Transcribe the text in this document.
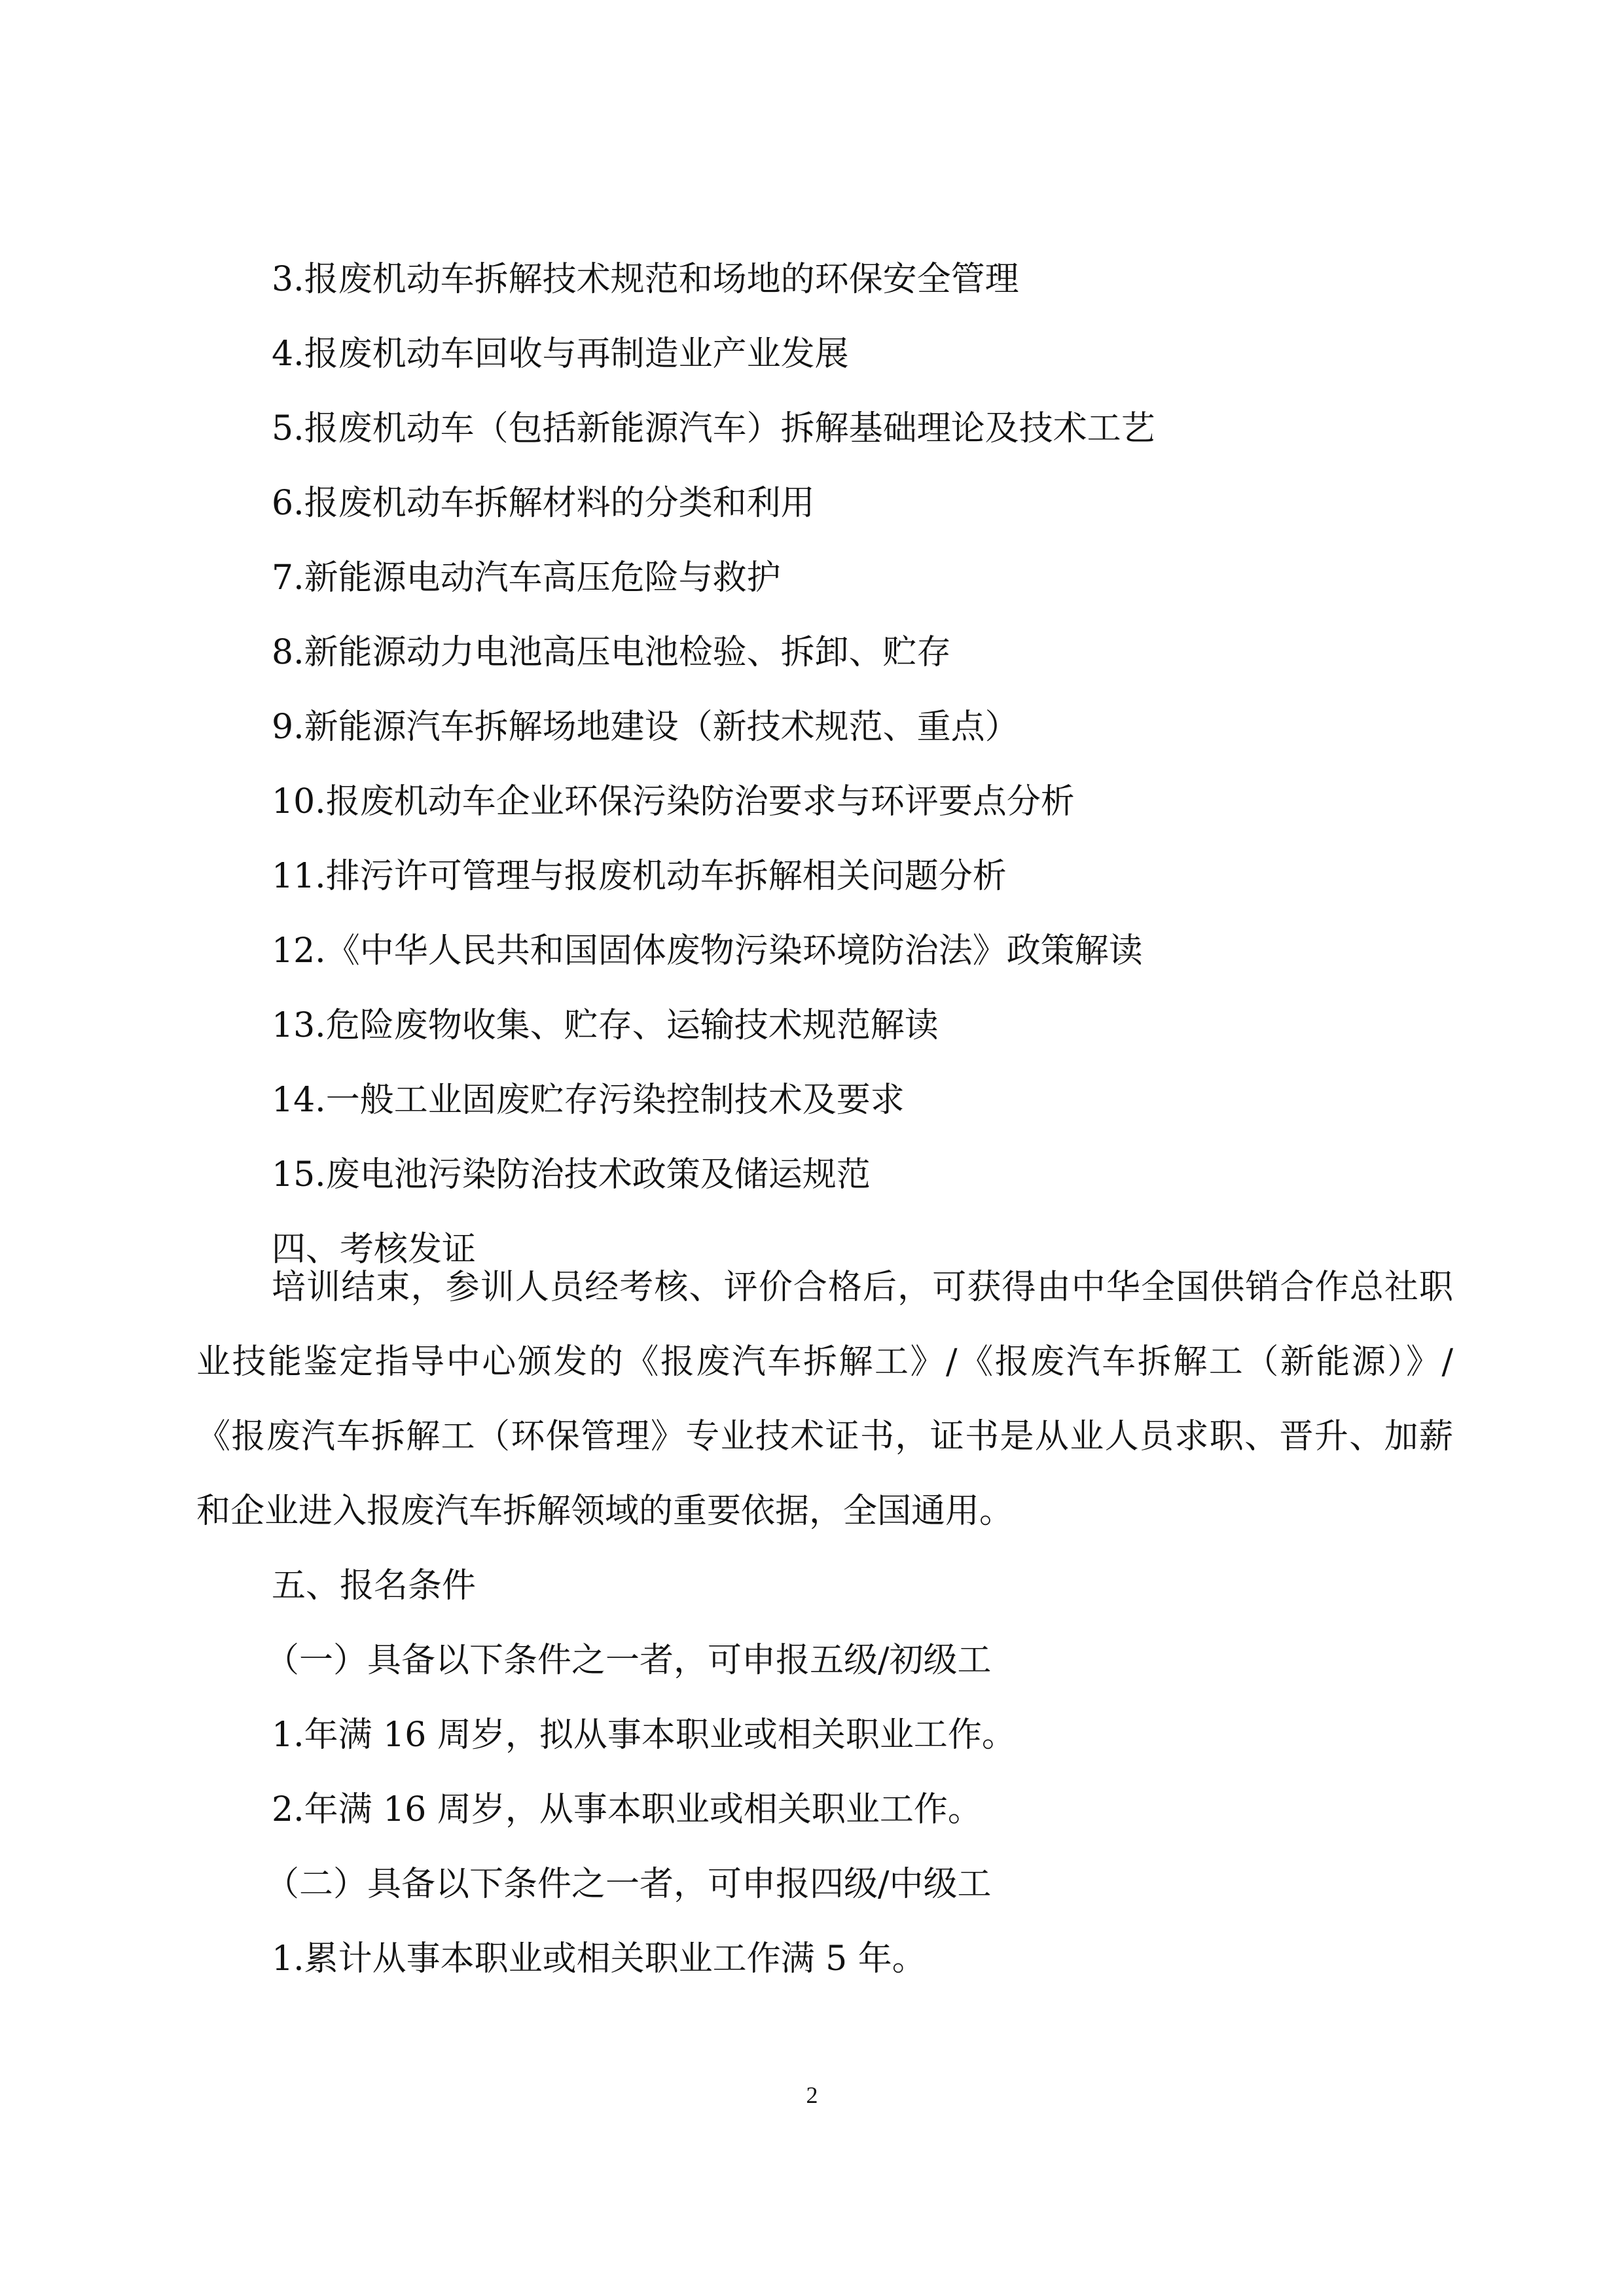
3.报废机动车拆解技术规范和场地的环保安全管理
4.报废机动车回收与再制造业产业发展
5.报废机动车（包括新能源汽车）拆解基础理论及技术工艺
6.报废机动车拆解材料的分类和利用
7.新能源电动汽车高压危险与救护
8.新能源动力电池高压电池检验、拆卸、贮存
9.新能源汽车拆解场地建设（新技术规范、重点）
10.报废机动车企业环保污染防治要求与环评要点分析
11.排污许可管理与报废机动车拆解相关问题分析
12.《中华人民共和国固体废物污染环境防治法》政策解读
13.危险废物收集、贮存、运输技术规范解读
14.一般工业固废贮存污染控制技术及要求
15.废电池污染防治技术政策及储运规范
四、考核发证

培训结束，参训人员经考核、评价合格后，可获得由中华全国供销合作总社职业技能鉴定指导中心颁发的《报废汽车拆解工》/《报废汽车拆解工（新能源）》/《报废汽车拆解工（环保管理》专业技术证书，证书是从业人员求职、晋升、加薪和企业进入报废汽车拆解领域的重要依据，全国通用。

五、报名条件
（一）具备以下条件之一者，可申报五级/初级工
1.年满 16 周岁，拟从事本职业或相关职业工作。
2.年满 16 周岁，从事本职业或相关职业工作。
（二）具备以下条件之一者，可申报四级/中级工
1.累计从事本职业或相关职业工作满 5 年。
2
